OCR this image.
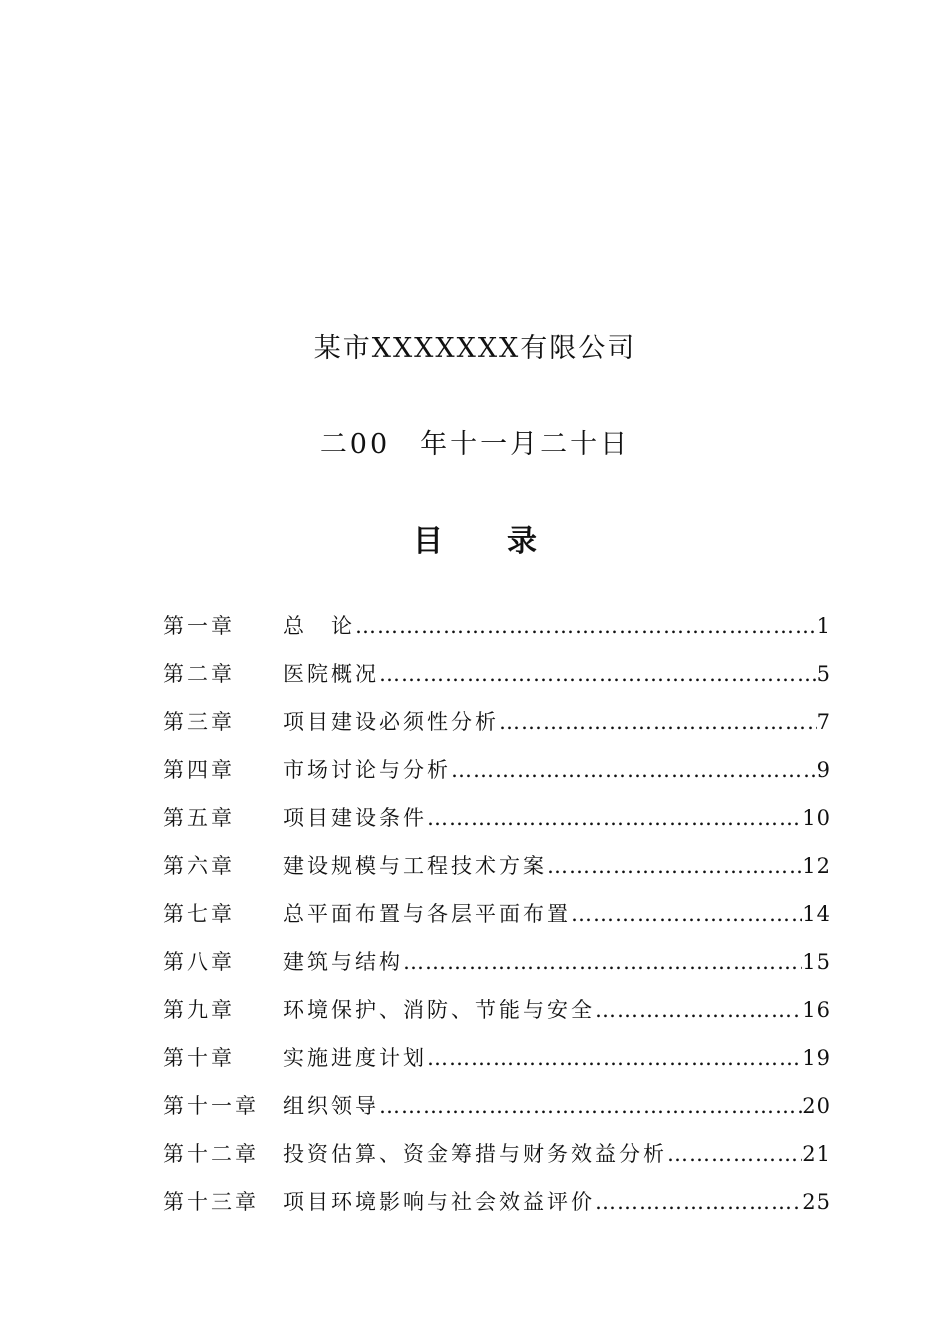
某市XXXXXXX有限公司
二00　年十一月二十日
目 录
第一章	总　论 …………………………………………………………………………………………………………………………	1
第二章	医院概况 …………………………………………………………………………………………………………………………	5
第三章	项目建设必须性分析 …………………………………………………………………………………………………………………………	7
第四章	市场讨论与分析 …………………………………………………………………………………………………………………………	9
第五章	项目建设条件 …………………………………………………………………………………………………………………………	10
第六章	建设规模与工程技术方案 …………………………………………………………………………………………………………………………	12
第七章	总平面布置与各层平面布置 …………………………………………………………………………………………………………………………	14
第八章	建筑与结构 …………………………………………………………………………………………………………………………	15
第九章	环境保护、消防、节能与安全 …………………………………………………………………………………………………………………………	16
第十章	实施进度计划 …………………………………………………………………………………………………………………………	19
第十一章	组织领导 …………………………………………………………………………………………………………………………	20
第十二章	投资估算、资金筹措与财务效益分析 …………………………………………………………………………………………………………………………	21
第十三章	项目环境影响与社会效益评价 …………………………………………………………………………………………………………………………	25
